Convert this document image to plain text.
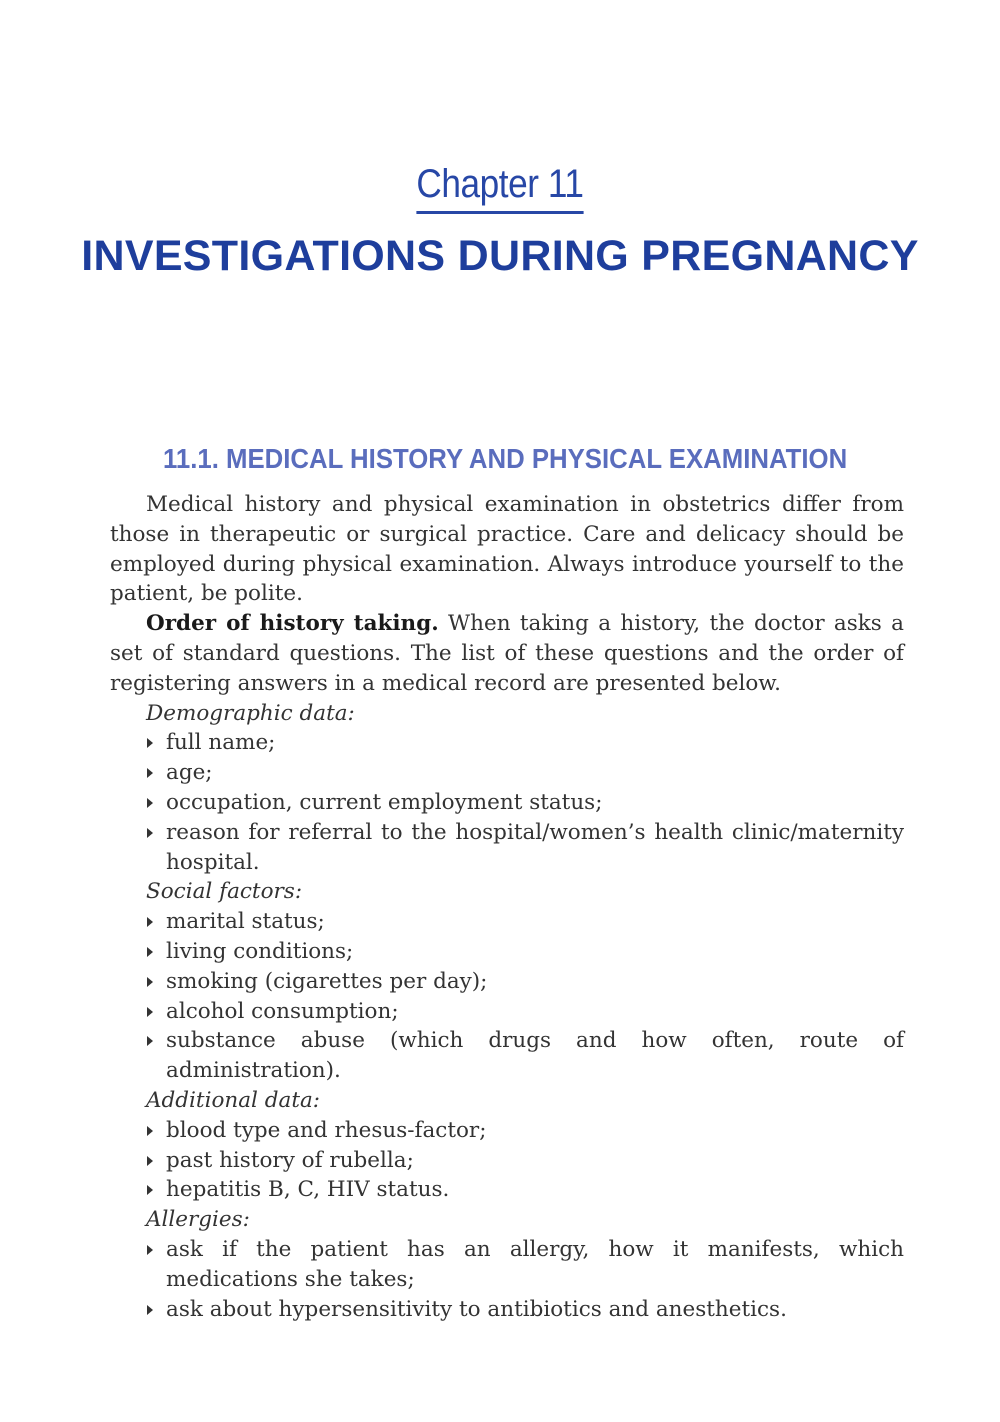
Chapter 11
INVESTIGATIONS DURING PREGNANCY
11.1. MEDICAL HISTORY AND PHYSICAL EXAMINATION

Medical history and physical examination in obstetrics differ from those in therapeutic or surgical practice. Care and delicacy should be employed during physical examination. Always introduce yourself to the patient, be polite.

Order of history taking. When taking a history, the doctor asks a set of standard questions. The list of these questions and the order of registering answers in a medical record are presented below.

Demographic data:

full name;
age;
occupation, current employment status;
reason for referral to the hospital/women’s health clinic/maternity hospital.

Social factors:

marital status;
living conditions;
smoking (cigarettes per day);
alcohol consumption;
substance abuse (which drugs and how often, route of administration).

Additional data:

blood type and rhesus-factor;
past history of rubella;
hepatitis B, C, HIV status.

Allergies:

ask if the patient has an allergy, how it manifests, which medications she takes;
ask about hypersensitivity to antibiotics and anesthetics.
